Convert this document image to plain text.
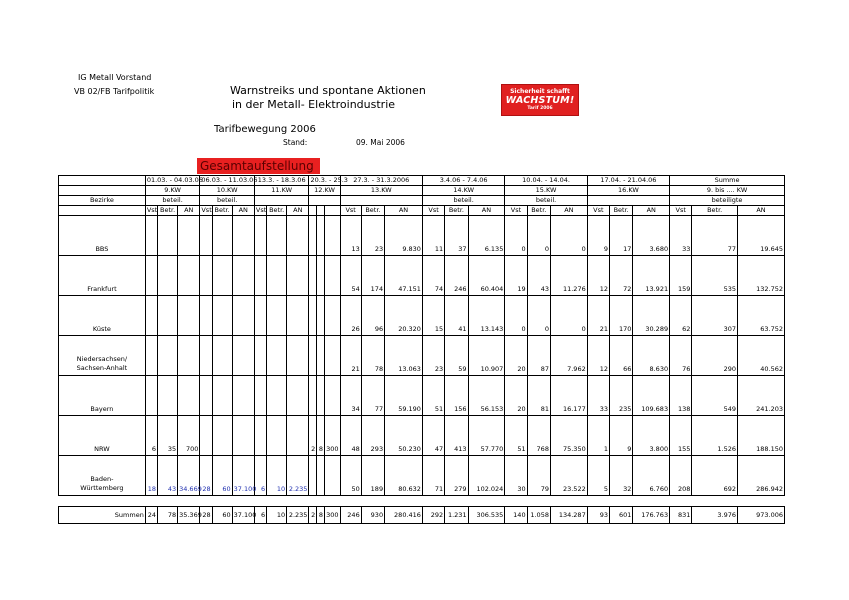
IG Metall Vorstand
VB 02/FB Tarifpolitik	Warnstreiks und spontane Aktionen
in der Metall- Elektroindustrie
Sicherheit schafft
WACHSTUM!
Tarif 2006
Tarifbewegung 2006
Stand:	09. Mai 2006
Gesamtaufstellung
	01.03. - 04.03.06			06.03. - 11.03.06			13.3. - 18.3.06			20.3. - 25.3			27.3. - 31.3.2006			3.4.06 - 7.4.06			10.04. - 14.04.			17.04. - 21.04.06			Summe		
	9.KW			10.KW			11.KW			12.KW			13.KW			14.KW			15.KW			16.KW			9. bis .... KW		
Bezirke	beteil.			beteil.												beteil.			beteil.						beteiligte		
	Vst	Betr.	AN	Vst	Betr.	AN	Vst	Betr.	AN				Vst	Betr.	AN	Vst	Betr.	AN	Vst	Betr.	AN	Vst	Betr.	AN	Vst	Betr.	AN
BBS													13	23	9.830	11	37	6.135	0	0	0	9	17	3.680	33	77	19.645
Frankfurt													54	174	47.151	74	246	60.404	19	43	11.276	12	72	13.921	159	535	132.752
Küste													26	96	20.320	15	41	13.143	0	0	0	21	170	30.289	62	307	63.752

Niedersachsen/
Sachsen-Anhalt													21	78	13.063	23	59	10.907	20	87	7.962	12	66	8.630	76	290	40.562
Bayern													34	77	59.190	51	156	56.153	20	81	16.177	33	235	109.683	138	549	241.203
NRW	6	35	700							2	8	300	48	293	50.230	47	413	57.770	51	768	75.350	1	9	3.800	155	1.526	188.150

Baden-
Württemberg	18	43	34.669	28	60	37.100	6	10	2.235				50	189	80.632	71	279	102.024	30	79	23.522	5	32	6.760	208	692	286.942

Summen	24	78	35.369	28	60	37.100	6	10	2.235	2	8	300	246	930	280.416	292	1.231	306.535	140	1.058	134.287	93	601	176.763	831	3.976	973.006
